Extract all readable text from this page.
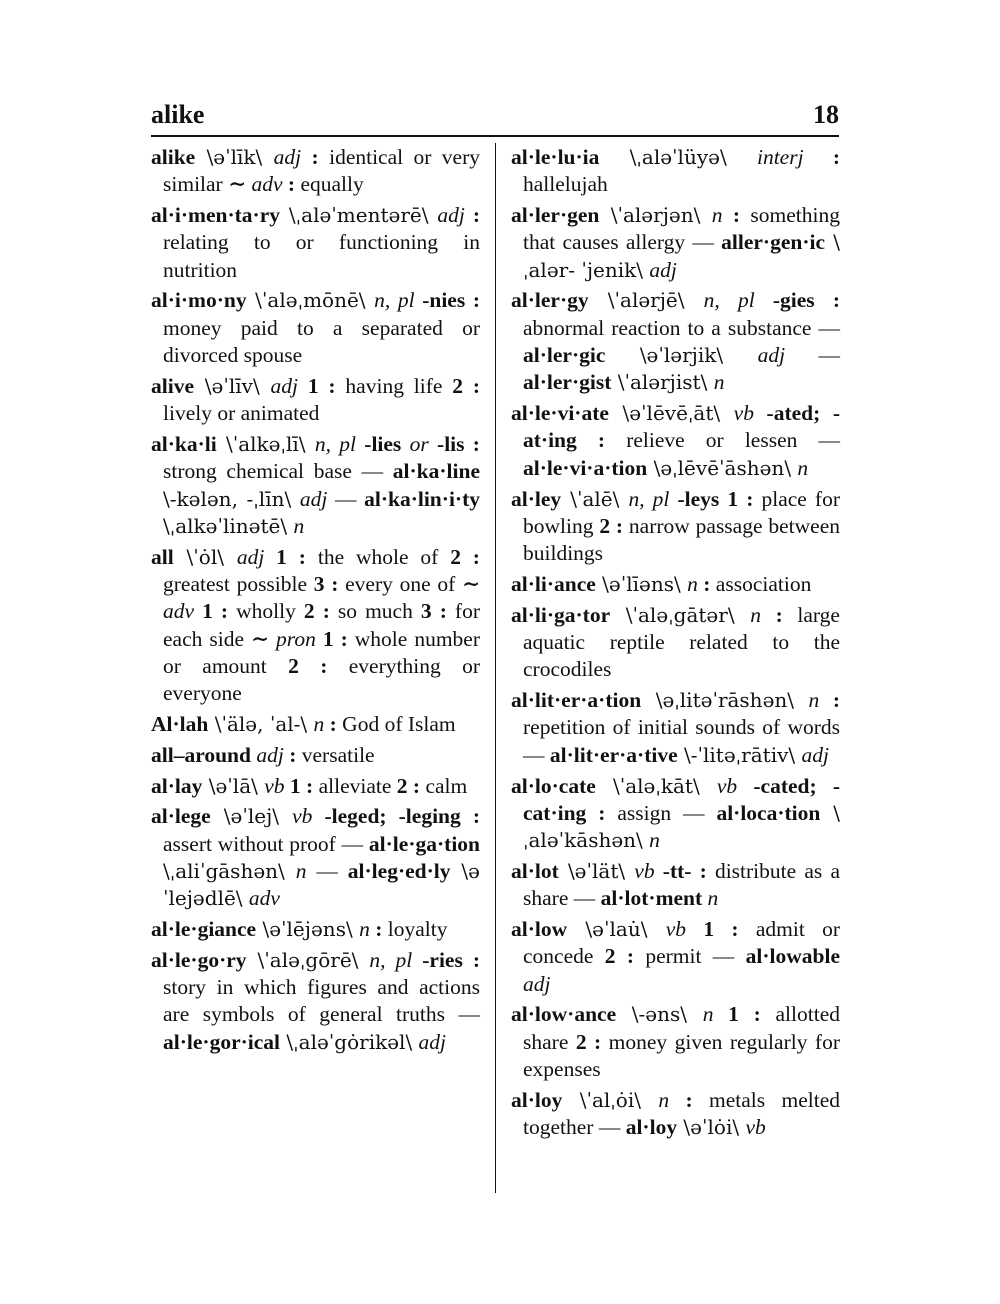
alike	18

alike \əˈlīk\ adj : identical or very similar ∼ adv : equally

al·i·men·ta·ry \ˌaləˈmentərē\ adj : relating to or functioning in nutrition

al·i·mo·ny \ˈaləˌmōnē\ n, pl -nies : money paid to a separated or divorced spouse

alive \əˈlīv\ adj 1 : having life 2 : lively or animated

al·ka·li \ˈalkəˌlī\ n, pl -lies or -lis : strong chemical base — al·ka·line \-kələn, -ˌlīn\ adj — al·ka·lin·i·ty \ˌalkəˈlinətē\ n

all \ˈȯl\ adj 1 : the whole of 2 : greatest possible 3 : every one of ∼ adv 1 : wholly 2 : so much 3 : for each side ∼ pron 1 : whole number or amount 2 : everything or everyone

Al·lah \ˈälə, ˈal-\ n : God of Islam

all–around adj : versatile

al·lay \əˈlā\ vb 1 : alleviate 2 : calm

al·lege \əˈlej\ vb -leged; -leging : assert without proof — al·le·ga·tion \ˌaliˈgāshən\ n — al·leg·ed·ly \əˈlejədlē\ adv

al·le·giance \əˈlējəns\ n : loyalty

al·le·go·ry \ˈaləˌgōrē\ n, pl -ries : story in which figures and actions are symbols of general truths — al·le·gor·ical \ˌaləˈgȯrikəl\ adj

al·le·lu·ia \ˌaləˈlüyə\ interj : hallelujah

al·ler·gen \ˈalərjən\ n : something that causes allergy — aller·gen·ic \ˌalər- ˈjenik\ adj

al·ler·gy \ˈalərjē\ n, pl -gies : abnormal reaction to a substance — al·ler·gic \əˈlərjik\ adj — al·ler·gist \ˈalərjist\ n

al·le·vi·ate \əˈlēvēˌāt\ vb -ated; -at·ing : relieve or lessen — al·le·vi·a·tion \əˌlēvēˈāshən\ n

al·ley \ˈalē\ n, pl -leys 1 : place for bowling 2 : narrow passage between buildings

al·li·ance \əˈlīəns\ n : association

al·li·ga·tor \ˈaləˌgātər\ n : large aquatic reptile related to the crocodiles

al·lit·er·a·tion \əˌlitəˈrāshən\ n : repetition of initial sounds of words — al·lit·er·a·tive \-ˈlitəˌrātiv\ adj

al·lo·cate \ˈaləˌkāt\ vb -cated; -cat·ing : assign — al·loca·tion \ˌaləˈkāshən\ n

al·lot \əˈlät\ vb -tt- : distribute as a share — al·lot·ment n

al·low \əˈlau̇\ vb 1 : admit or concede 2 : permit — al·lowable adj

al·low·ance \-əns\ n 1 : allotted share 2 : money given regularly for expenses

al·loy \ˈalˌȯi\ n : metals melted together — al·loy \əˈlȯi\ vb
